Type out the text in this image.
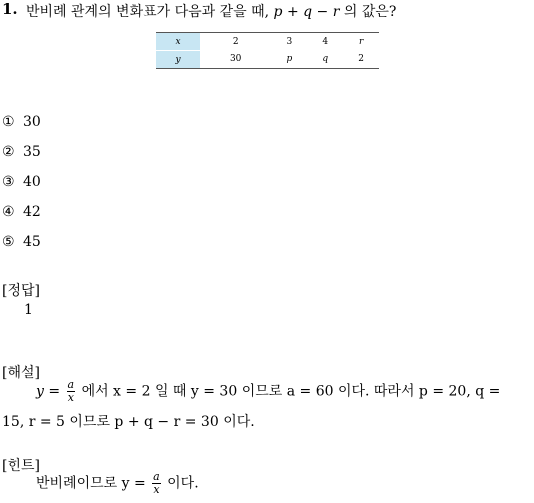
1. 반비례 관계의 변화표가 다음과 같을 때, p + q − r 의 값은?
x	2	3	4	r
y	30	p	q	2
① 30
② 35
③ 40
④ 42
⑤ 45
[정답]
1
[해설]
$y = \frac{a}{x}$ 에서 x = 2 일 때 y = 30 이므로 a = 60 이다. 따라서 p = 20, q =
15, r = 5 이므로 p + q − r = 30 이다.
[힌트]
반비례이므로 $y = \frac{a}{x}$ 이다.
